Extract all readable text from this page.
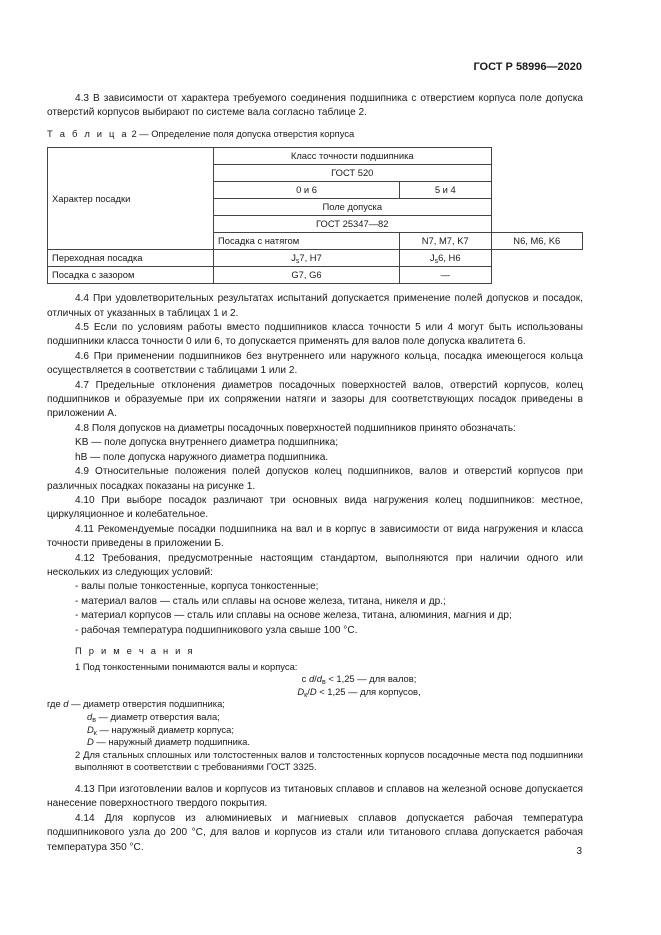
ГОСТ Р 58996—2020

4.3 В зависимости от характера требуемого соединения подшипника с отверстием корпуса поле допуска отверстий корпусов выбирают по системе вала согласно таблице 2.

Т а б л и ц а 2 — Определение поля допуска отверстия корпуса

Характер посадки	Класс точности подшипника		
	ГОСТ 520		
	0 и 6	5 и 4	
	Поле допуска		
	ГОСТ 25347—82		
	Посадка с натягом	N7, M7, K7	N6, M6, K6
Переходная посадка	$J_s7$, H7	$J_s6$, H6	
Посадка с зазором	G7, G6	—	

4.4 При удовлетворительных результатах испытаний допускается применение полей допусков и посадок, отличных от указанных в таблицах 1 и 2.

4.5 Если по условиям работы вместо подшипников класса точности 5 или 4 могут быть использованы подшипники класса точности 0 или 6, то допускается применять для валов поле допуска квалитета 6.

4.6 При применении подшипников без внутреннего или наружного кольца, посадка имеющегося кольца осуществляется в соответствии с таблицами 1 или 2.

4.7 Предельные отклонения диаметров посадочных поверхностей валов, отверстий корпусов, колец подшипников и образуемые при их сопряжении натяги и зазоры для соответствующих посадок приведены в приложении А.

4.8 Поля допусков на диаметры посадочных поверхностей подшипников принято обозначать:

KB — поле допуска внутреннего диаметра подшипника;

hB — поле допуска наружного диаметра подшипника.

4.9 Относительные положения полей допусков колец подшипников, валов и отверстий корпусов при различных посадках показаны на рисунке 1.

4.10 При выборе посадок различают три основных вида нагружения колец подшипников: местное, циркуляционное и колебательное.

4.11 Рекомендуемые посадки подшипника на вал и в корпус в зависимости от вида нагружения и класса точности приведены в приложении Б.

4.12 Требования, предусмотренные настоящим стандартом, выполняются при наличии одного или нескольких из следующих условий:

- валы полые тонкостенные, корпуса тонкостенные;

- материал валов — сталь или сплавы на основе железа, титана, никеля и др.;

- материал корпусов — сталь или сплавы на основе железа, титана, алюминия, магния и др;

- рабочая температура подшипникового узла свыше 100 °С.

П р и м е ч а н и я
1 Под тонкостенными понимаются валы и корпуса:
с $d/d_в < 1,25$ — для валов;
$D_к/D < 1,25$ — для корпусов,
где d — диаметр отверстия подшипника;
$d_в$ — диаметр отверстия вала;
$D_к$ — наружный диаметр корпуса;
D — наружный диаметр подшипника.
2 Для стальных сплошных или толстостенных валов и толстостенных корпусов посадочные места под подшипники выполняют в соответствии с требованиями ГОСТ 3325.

4.13 При изготовлении валов и корпусов из титановых сплавов и сплавов на железной основе допускается нанесение поверхностного твердого покрытия.

4.14 Для корпусов из алюминиевых и магниевых сплавов допускается рабочая температура подшипникового узла до 200 °С, для валов и корпусов из стали или титанового сплава допускается рабочая температура 350 °С.	3
